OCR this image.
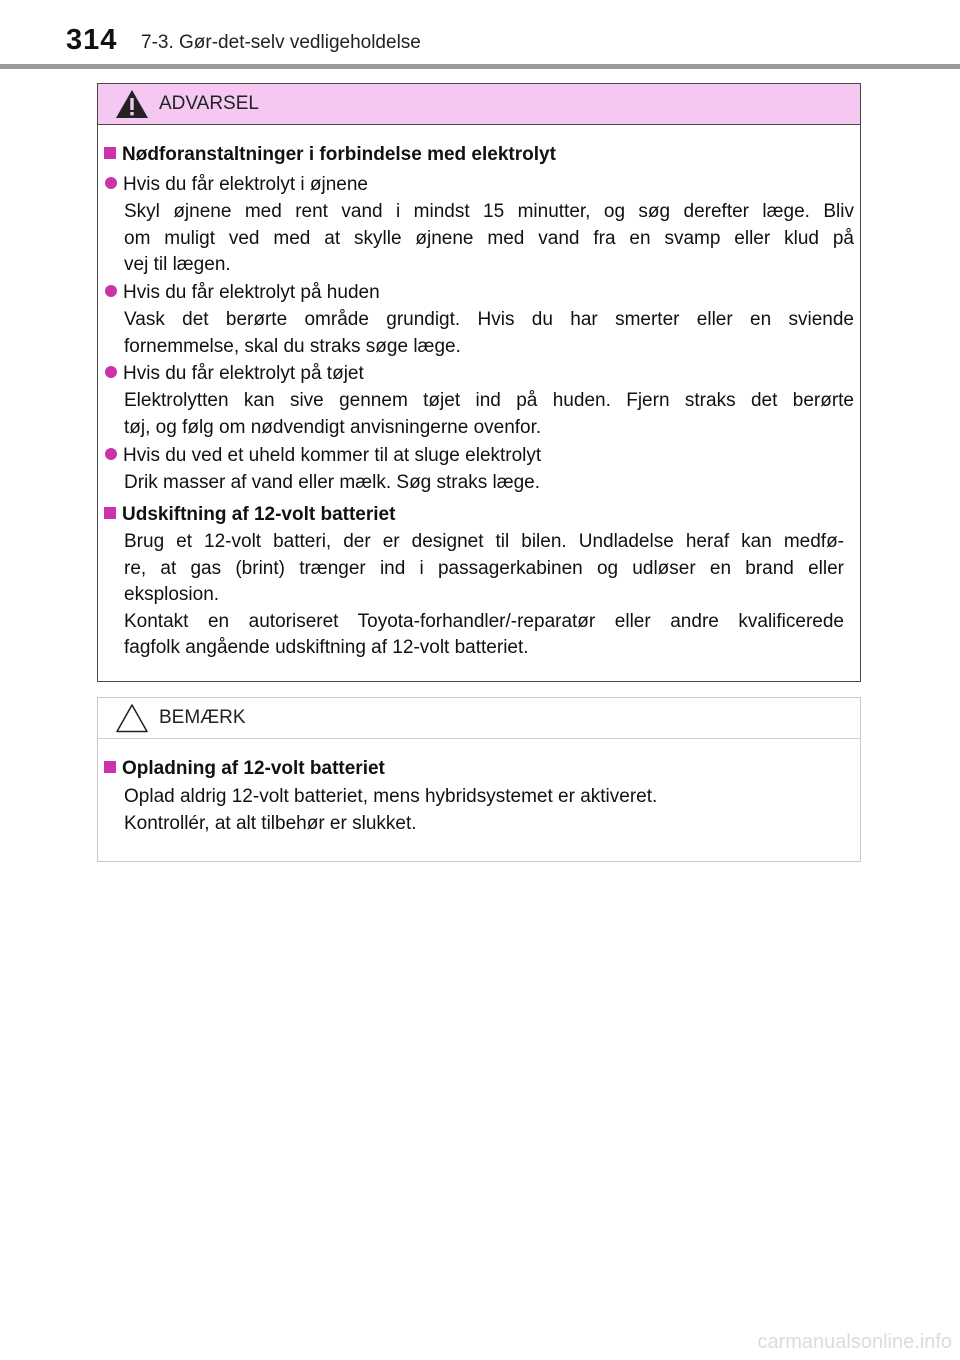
314 7-3. Gør-det-selv vedligeholdelse
ADVARSEL
Nødforanstaltninger i forbindelse med elektrolyt
Hvis du får elektrolyt i øjnene
Skyl øjnene med rent vand i mindst 15 minutter, og søg derefter læge. Bliv
om muligt ved med at skylle øjnene med vand fra en svamp eller klud på
vej til lægen.
Hvis du får elektrolyt på huden
Vask det berørte område grundigt. Hvis du har smerter eller en sviende
fornemmelse, skal du straks søge læge.
Hvis du får elektrolyt på tøjet
Elektrolytten kan sive gennem tøjet ind på huden. Fjern straks det berørte
tøj, og følg om nødvendigt anvisningerne ovenfor.
Hvis du ved et uheld kommer til at sluge elektrolyt
Drik masser af vand eller mælk. Søg straks læge.
Udskiftning af 12-volt batteriet
Brug et 12-volt batteri, der er designet til bilen. Undladelse heraf kan medfø-
re, at gas (brint) trænger ind i passagerkabinen og udløser en brand eller
eksplosion.
Kontakt en autoriseret Toyota-forhandler/-reparatør eller andre kvalificerede
fagfolk angående udskiftning af 12-volt batteriet.
BEMÆRK
Opladning af 12-volt batteriet
Oplad aldrig 12-volt batteriet, mens hybridsystemet er aktiveret.
Kontrollér, at alt tilbehør er slukket.
carmanualsonline.info
